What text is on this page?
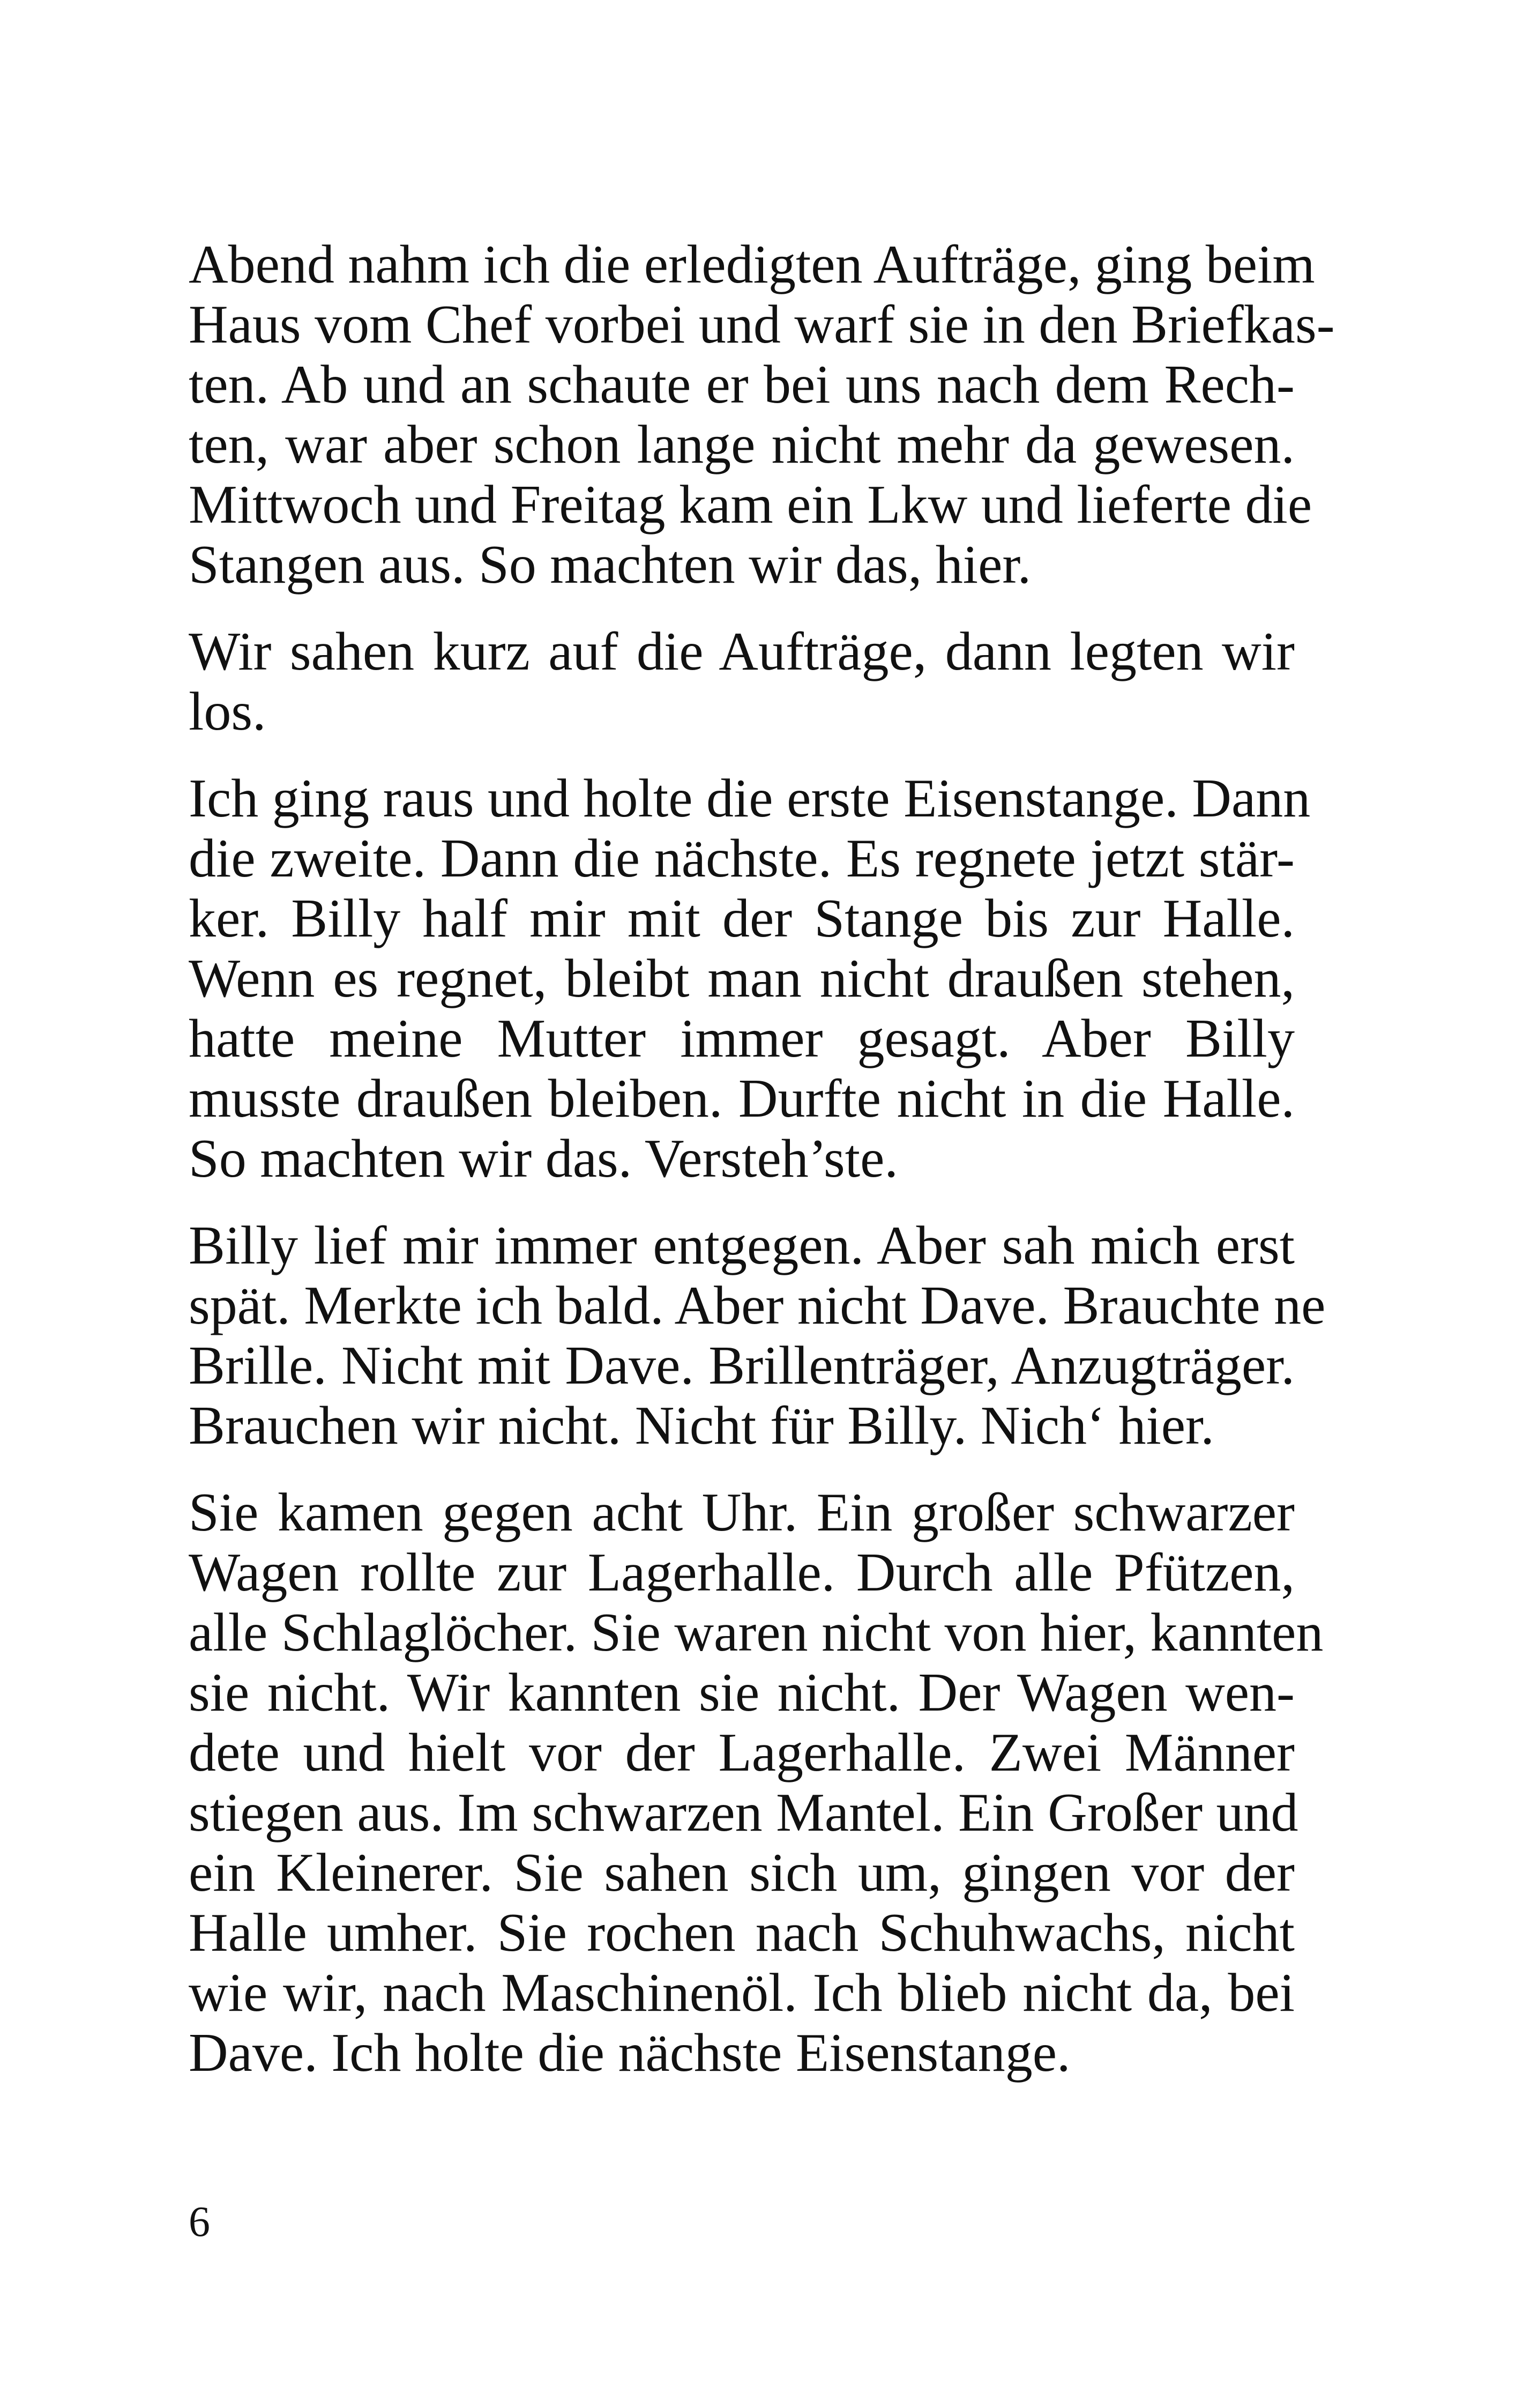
Abend nahm ich die erledigten Aufträge, ging beim
Haus vom Chef vorbei und warf sie in den Briefkas-
ten. Ab und an schaute er bei uns nach dem Rech-
ten, war aber schon lange nicht mehr da gewesen.
Mittwoch und Freitag kam ein Lkw und lieferte die
Stangen aus. So machten wir das, hier.
Wir sahen kurz auf die Aufträge, dann legten wir
los.
Ich ging raus und holte die erste Eisenstange. Dann
die zweite. Dann die nächste. Es regnete jetzt stär-
ker. Billy half mir mit der Stange bis zur Halle.
Wenn es regnet, bleibt man nicht draußen stehen,
hatte meine Mutter immer gesagt. Aber Billy
musste draußen bleiben. Durfte nicht in die Halle.
So machten wir das. Versteh’ste.
Billy lief mir immer entgegen. Aber sah mich erst
spät. Merkte ich bald. Aber nicht Dave. Brauchte ne
Brille. Nicht mit Dave. Brillenträger, Anzugträger.
Brauchen wir nicht. Nicht für Billy. Nich‘ hier.
Sie kamen gegen acht Uhr. Ein großer schwarzer
Wagen rollte zur Lagerhalle. Durch alle Pfützen,
alle Schlaglöcher. Sie waren nicht von hier, kannten
sie nicht. Wir kannten sie nicht. Der Wagen wen-
dete und hielt vor der Lagerhalle. Zwei Männer
stiegen aus. Im schwarzen Mantel. Ein Großer und
ein Kleinerer. Sie sahen sich um, gingen vor der
Halle umher. Sie rochen nach Schuhwachs, nicht
wie wir, nach Maschinenöl. Ich blieb nicht da, bei
Dave. Ich holte die nächste Eisenstange.
6
